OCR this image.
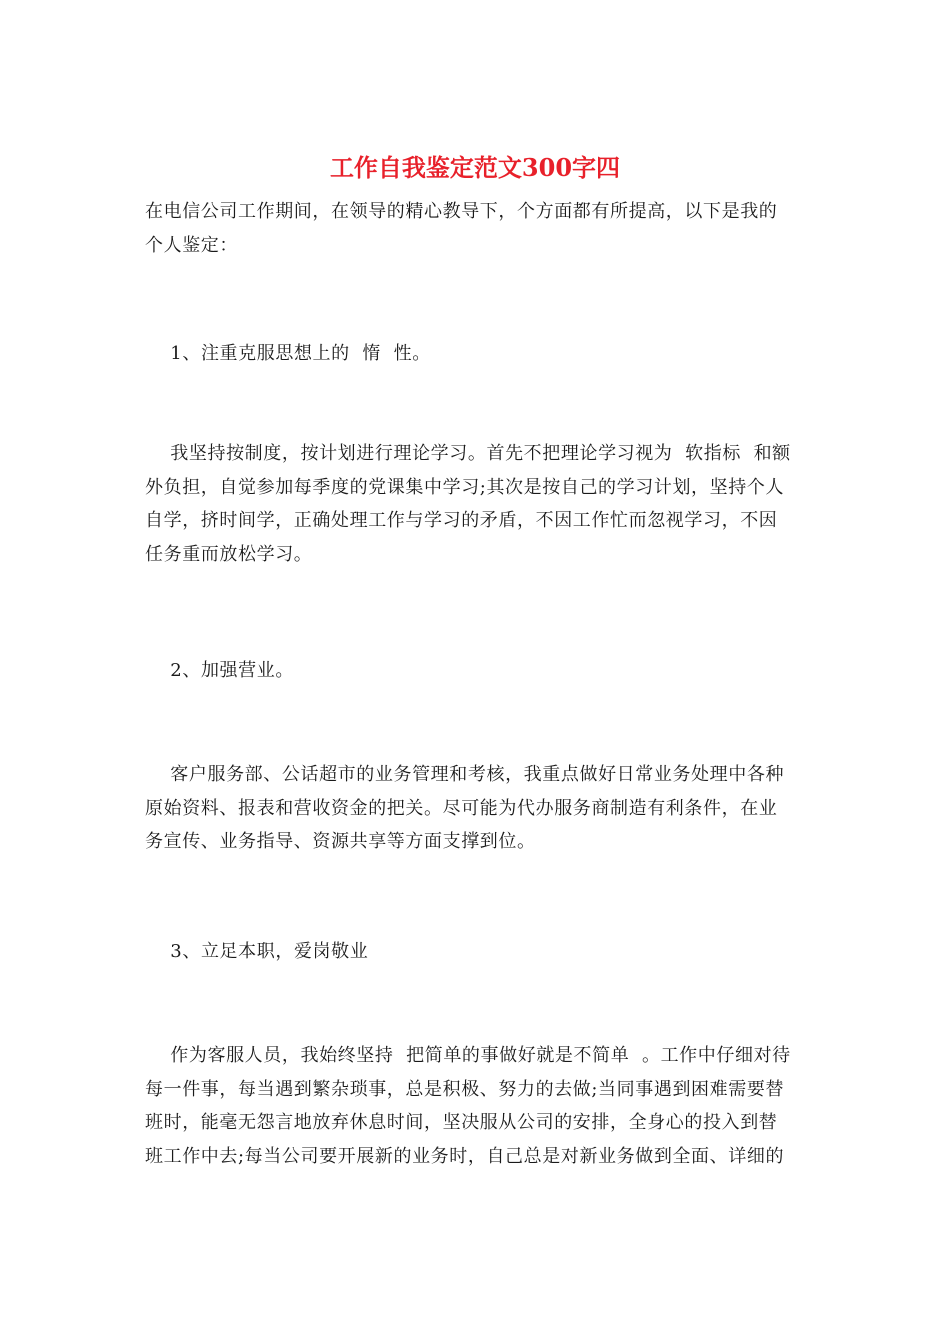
工作自我鉴定范文300字四
在电信公司工作期间，在领导的精心教导下，个方面都有所提高，以下是我的
个人鉴定：
1、注重克服思想上的  惰  性。
我坚持按制度，按计划进行理论学习。首先不把理论学习视为  软指标  和额
外负担，自觉参加每季度的党课集中学习;其次是按自己的学习计划，坚持个人
自学，挤时间学，正确处理工作与学习的矛盾，不因工作忙而忽视学习，不因
任务重而放松学习。
2、加强营业。
客户服务部、公话超市的业务管理和考核，我重点做好日常业务处理中各种
原始资料、报表和营收资金的把关。尽可能为代办服务商制造有利条件，在业
务宣传、业务指导、资源共享等方面支撑到位。
3、立足本职，爱岗敬业
作为客服人员，我始终坚持  把简单的事做好就是不简单  。工作中仔细对待
每一件事，每当遇到繁杂琐事，总是积极、努力的去做;当同事遇到困难需要替
班时，能毫无怨言地放弃休息时间，坚决服从公司的安排，全身心的投入到替
班工作中去;每当公司要开展新的业务时，自己总是对新业务做到全面、详细的
